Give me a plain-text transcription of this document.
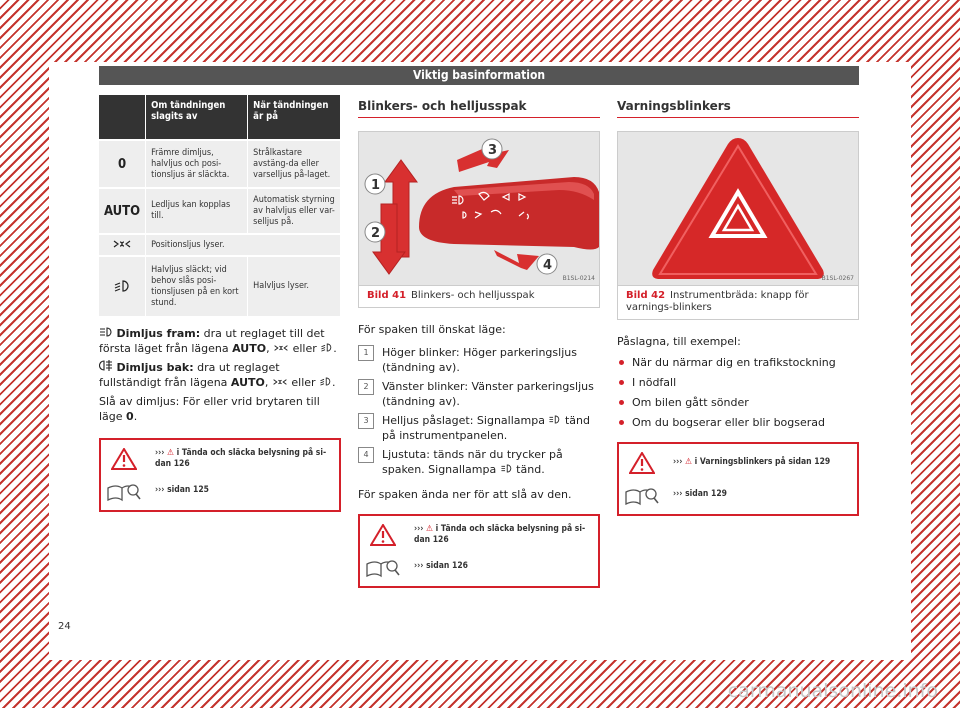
Viktig basinformation
	Om tändningen slagits av	När tändningen är på
0	Främre dimljus, halvljus och posi-tionsljus är släckta.	Strålkastare avstäng-da eller varselljus på-laget.
AUTO	Ledljus kan kopplas till.	Automatisk styrning av halvljus eller var-selljus på.
	Positionsljus lyser.	
	Halvljus släckt; vid behov slås posi-tionsljusen på en kort stund.	Halvljus lyser.
Dimljus fram: dra ut reglaget till det första läget från lägena AUTO,  eller .
Dimljus bak: dra ut reglaget fullständigt från lägena AUTO,  eller .
Slå av dimljus: För eller vrid brytaren till läge 0.
››› ⚠ i Tända och släcka belysning på si-dan 126
››› sidan 125
Blinkers- och helljusspak
1
2
3
4
B1SL-0214
Bild 41 Blinkers- och helljusspak
För spaken till önskat läge:
1	Höger blinker: Höger parkeringsljus (tändning av).
2	Vänster blinker: Vänster parkeringsljus (tändning av).
3	Helljus påslaget: Signallampa  tänd på instrumentpanelen.
4	Ljustuta: tänds när du trycker på spaken. Signallampa  tänd.
För spaken ända ner för att slå av den.
››› ⚠ i Tända och släcka belysning på si-dan 126
››› sidan 126
Varningsblinkers
B1SL-0267
Bild 42 Instrumentbräda: knapp för varnings-blinkers
Påslagna, till exempel:
När du närmar dig en trafikstockning
I nödfall
Om bilen gått sönder
Om du bogserar eller blir bogserad
››› ⚠ i Varningsblinkers på sidan 129
››› sidan 129
24
carmanualsonline.info
